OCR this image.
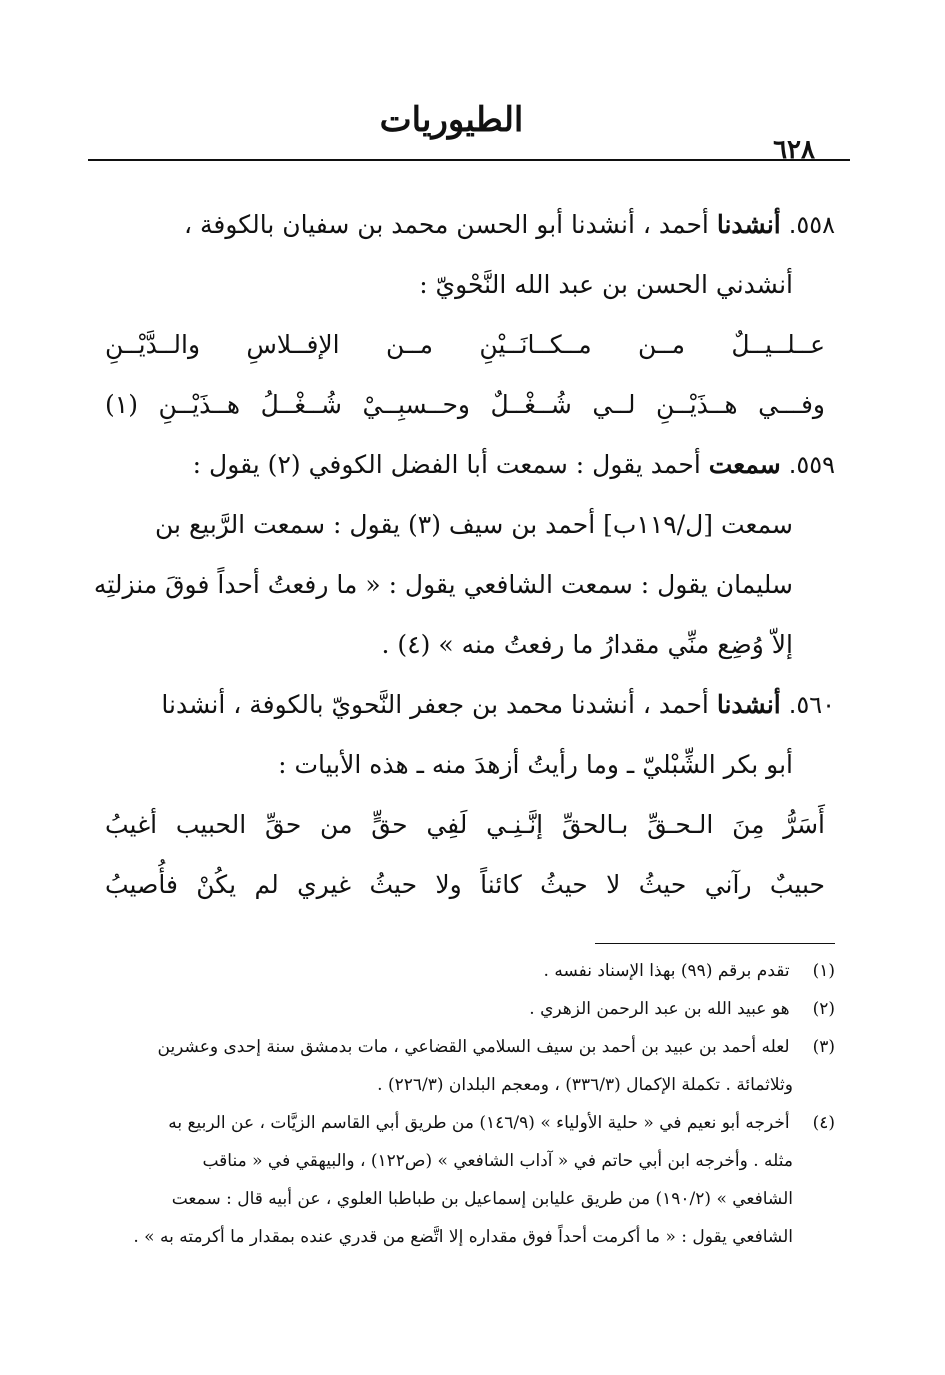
الطيوريات
٦٢٨
٥٥٨. أنشدنا أحمد ، أنشدنا أبو الحسن محمد بن سفيان بالكوفة ،
أنشدني الحسن بن عبد الله النَّحْويّ :
عــلــيــلٌ مــن مــكــانَــيْنِ مــن الإفــلاسِ والــدَّيْــنِ
وفـــي هــذَيْــنِ لــي شُــغْــلٌ وحــسبِــيْ شُــغْــلُ هــذَيْــنِ (١)
٥٥٩. سمعت أحمد يقول : سمعت أبا الفضل الكوفي (٢) يقول :
سمعت [ل/١١٩ب] أحمد بن سيف (٣) يقول : سمعت الرَّبيع بن
سليمان يقول : سمعت الشافعي يقول : « ما رفعتُ أحداً فوقَ منزلتِه
إلاّ وُضِع منِّي مقدارُ ما رفعتُ منه » (٤) .
٥٦٠. أنشدنا أحمد ، أنشدنا محمد بن جعفر النَّحويّ بالكوفة ، أنشدنا
أبو بكر الشِّبْليّ ـ وما رأيتُ أزهدَ منه ـ هذه الأبيات :
أَسَرُّ مِنَ الـحـقِّ بـالحقِّ إنَّـنِـي لَفِي حقٍّ من حقِّ الحبيب أغيبُ
حبيبٌ رآني حيثُ لا حيثُ كائناً ولا حيثُ غيري لم يكُنْ فأُصيبُ
(١) تقدم برقم (٩٩) بهذا الإسناد نفسه .
(٢) هو عبيد الله بن عبد الرحمن الزهري .
(٣) لعله أحمد بن عبيد بن أحمد بن سيف السلامي القضاعي ، مات بدمشق سنة إحدى وعشرين
وثلاثمائة . تكملة الإكمال (٣٣٦/٣) ، ومعجم البلدان (٢٢٦/٣) .
(٤) أخرجه أبو نعيم في « حلية الأولياء » (١٤٦/٩) من طريق أبي القاسم الزيَّات ، عن الربيع به
مثله . وأخرجه ابن أبي حاتم في « آداب الشافعي » (ص١٢٢) ، والبيهقي في « مناقب
الشافعي » (١٩٠/٢) من طريق عليابن إسماعيل بن طباطبا العلوي ، عن أبيه قال : سمعت
الشافعي يقول : « ما أكرمت أحداً فوق مقداره إلا اتَّضع من قدري عنده بمقدار ما أكرمته به » .
